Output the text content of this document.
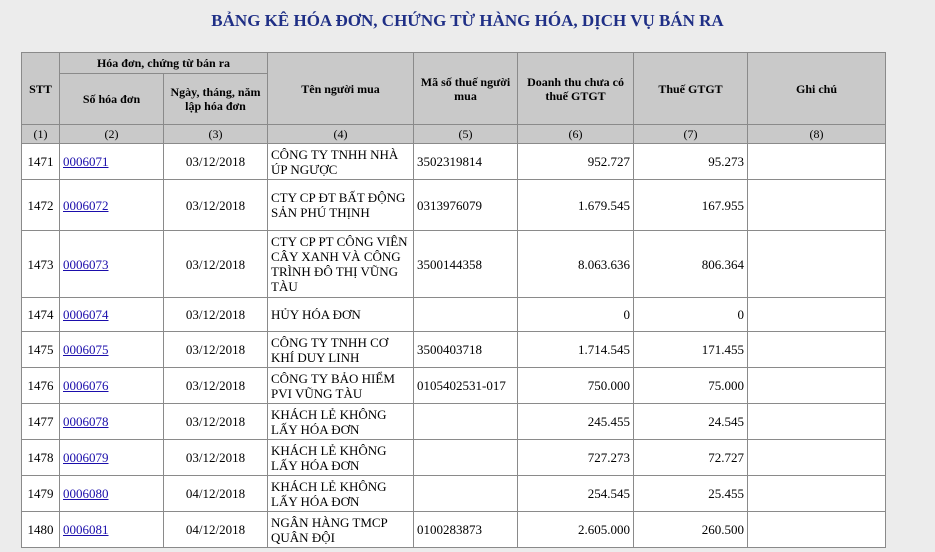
BẢNG KÊ HÓA ĐƠN, CHỨNG TỪ HÀNG HÓA, DỊCH VỤ BÁN RA
STT	Hóa đơn, chứng từ bán ra		Tên người mua	Mã số thuế người mua	Doanh thu chưa có thuế GTGT	Thuế GTGT	Ghi chú
	Số hóa đơn	Ngày, tháng, năm lập hóa đơn					
(1)	(2)	(3)	(4)	(5)	(6)	(7)	(8)
1471	0006071	03/12/2018	CÔNG TY TNHH NHÀ ÚP NGƯỢC	3502319814	952.727	95.273	
1472	0006072	03/12/2018	CTY CP ĐT BẤT ĐỘNG SẢN PHÚ THỊNH	0313976079	1.679.545	167.955	
1473	0006073	03/12/2018	CTY CP PT CÔNG VIÊN CÂY XANH VÀ CÔNG TRÌNH ĐÔ THỊ VŨNG TÀU	3500144358	8.063.636	806.364	
1474	0006074	03/12/2018	HỦY HÓA ĐƠN		0	0	
1475	0006075	03/12/2018	CÔNG TY TNHH CƠ KHÍ DUY LINH	3500403718	1.714.545	171.455	
1476	0006076	03/12/2018	CÔNG TY BẢO HIỂM PVI VŨNG TÀU	0105402531-017	750.000	75.000	
1477	0006078	03/12/2018	KHÁCH LẺ KHÔNG LẤY HÓA ĐƠN		245.455	24.545	
1478	0006079	03/12/2018	KHÁCH LẺ KHÔNG LẤY HÓA ĐƠN		727.273	72.727	
1479	0006080	04/12/2018	KHÁCH LẺ KHÔNG LẤY HÓA ĐƠN		254.545	25.455	
1480	0006081	04/12/2018	NGÂN HÀNG TMCP QUÂN ĐỘI	0100283873	2.605.000	260.500	
